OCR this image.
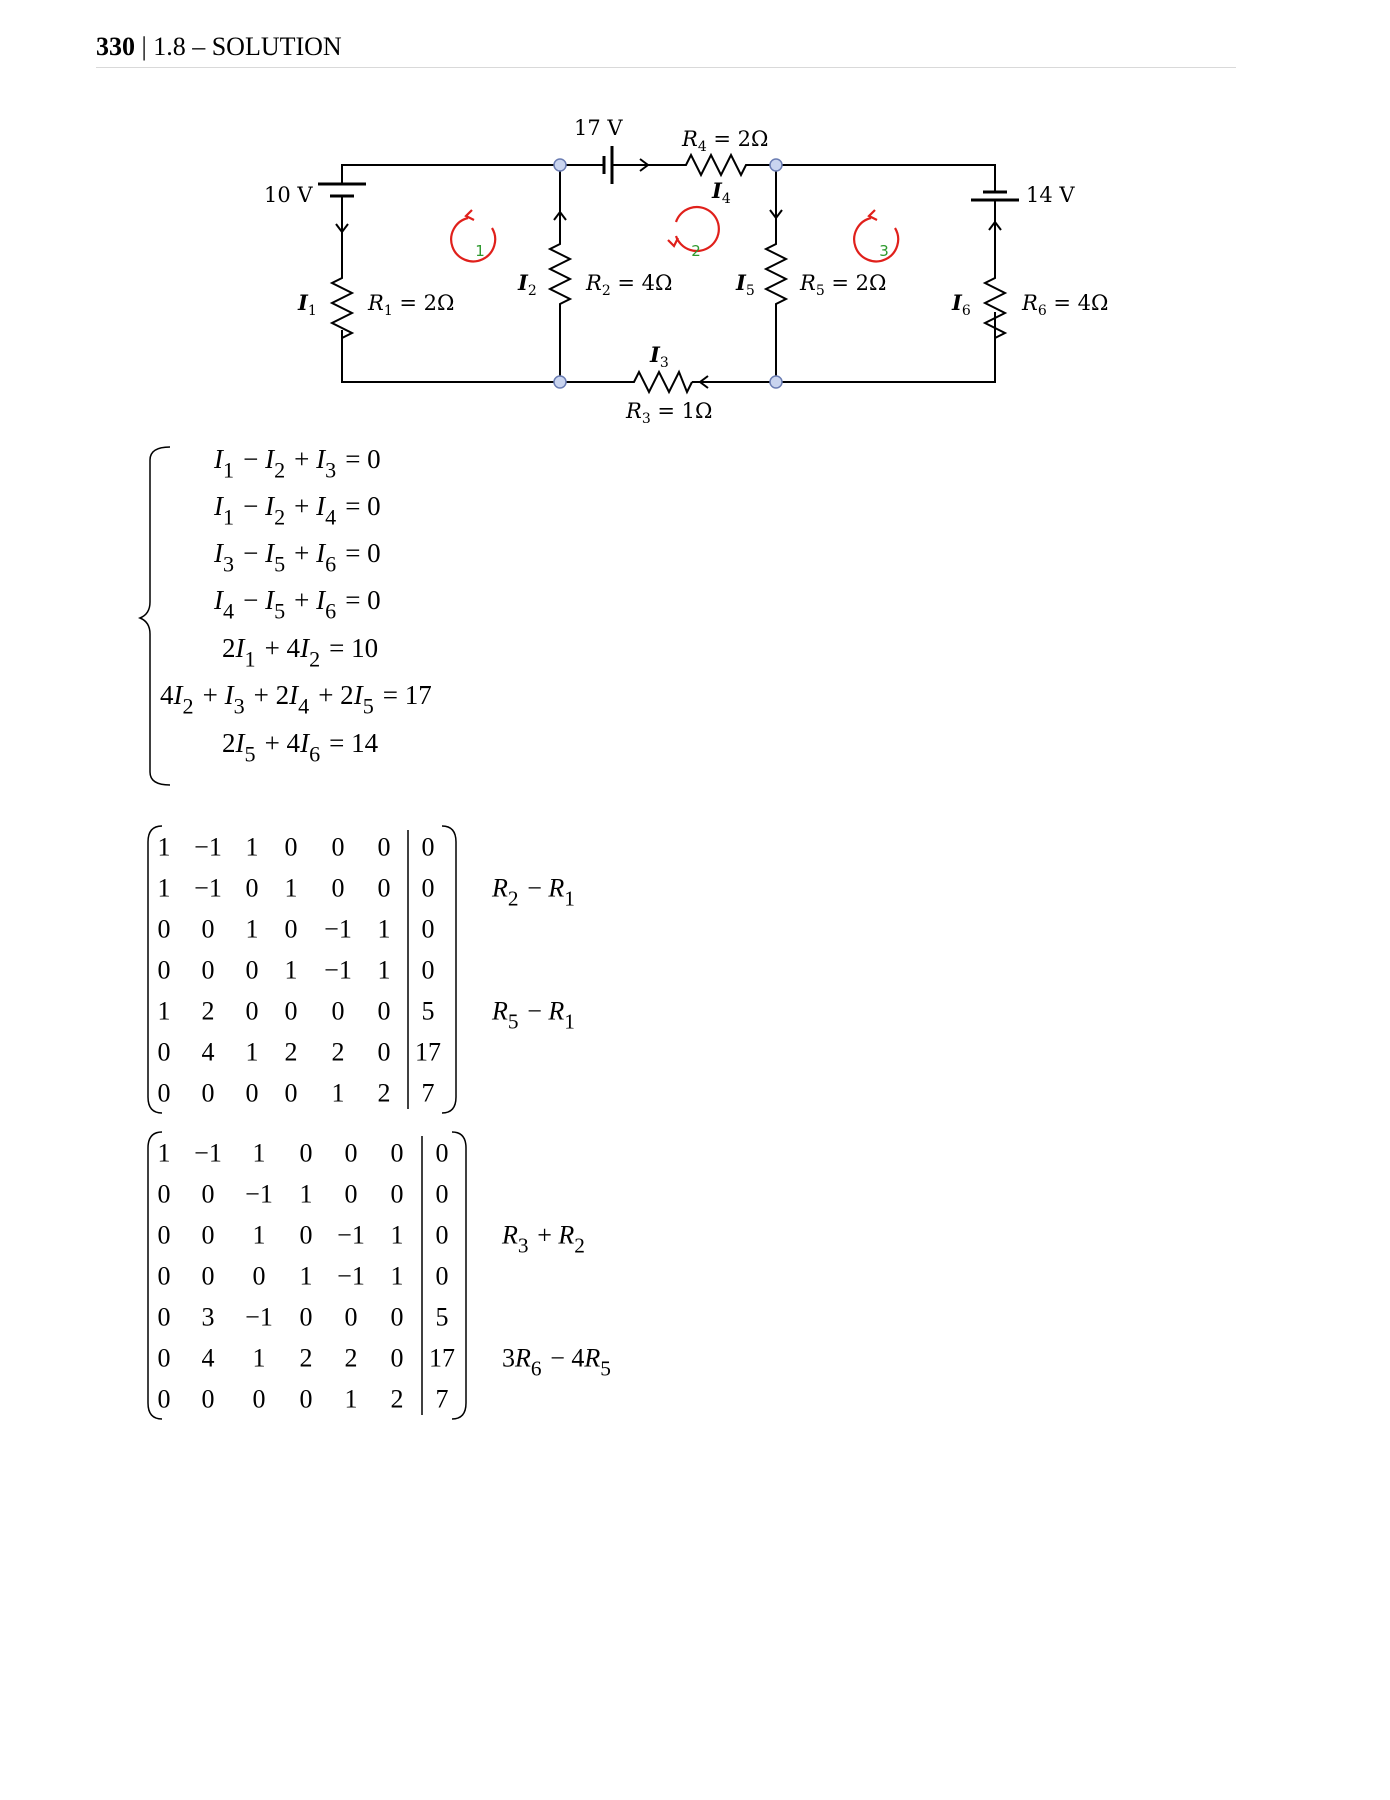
330 | 1.8 – SOLUTION
10 V
17 V
14 V
$R_1 = 2\Omega$
$R_2 = 4\Omega$
$R_3 = 1\Omega$
$R_4 = 2\Omega$
$R_5 = 2\Omega$
$R_6 = 4\Omega$
$I_1$
$I_2$
$I_3$
$I_4$
$I_5$	$I_6$
1	2	3
$I_1$  − $I_2$  + $I_3$  = 0
$I_1$  − $I_2$  + $I_4$  = 0
$I_3$  − $I_5$  + $I_6$  = 0
$I_4$  − $I_5$  + $I_6$  = 0
$2I_1$  + $4I_2$  = 10
$4I_2$  + $I_3$  + $2I_4$  + $2I_5$  = 17
$2I_5$  + $4I_6$  = 14
1 −1 1 0 0 0 0
1 −1 0 1 0 0 0
0 0 1 0 −1 1 0
0 0 0 1 −1 1 0
1 2 0 0 0 0 5
0 4 1 2 2 0 17
0 0 0 0 1 2 7
$R_2$  − $R_1$ 
$R_5$  − $R_1$ 
1 −1 1 0 0 0 0
0 0 −1 1 0 0 0
0 0 1 0 −1 1 0
0 0 0 1 −1 1 0
0 3 −1 0 0 0 5
0 4 1 2 2 0 17
0 0 0 0 1 2 7
$R_3$  + $R_2$ 
$3R_6$  − $4R_5$ 
